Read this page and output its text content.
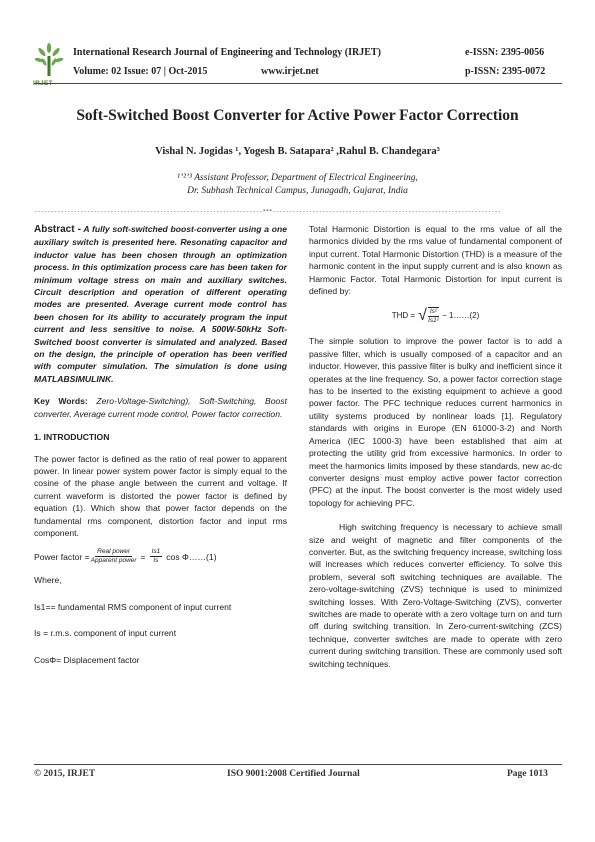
IRJET
International Research Journal of Engineering and Technology (IRJET)
Volume: 02 Issue: 07 | Oct-2015	www.irjet.net
e-ISSN: 2395-0056
p-ISSN: 2395-0072
Soft-Switched Boost Converter for Active Power Factor Correction
Vishal N. Jogidas ¹, Yogesh B. Satapara² ,Rahul B. Chandegara³
¹ʼ²ʼ³ Assistant Professor, Department of Electrical Engineering,
Dr. Subhash Technical Campus, Junagadh, Gujarat, India
---------------------------------------------------------------------***---------------------------------------------------------------------

Abstract - A fully soft-switched boost-converter using a one auxiliary switch is presented here. Resonating capacitor and inductor value has been chosen through an optimization process. In this optimization process care has been taken for minimum voltage stress on main and auxiliary switches. Circuit description and operation of different operating modes are presented. Average current mode control has been chosen for its ability to accurately program the input current and less sensitive to noise. A 500W-50kHz Soft-Switched boost converter is simulated and analyzed. Based on the design, the principle of operation has been verified with computer simulation. The simulation is done using MATLABSIMULINK.

Key Words: Zero-Voltage-Switching), Soft-Switching, Boost converter, Average current mode control, Power factor correction.

1. INTRODUCTION

The power factor is defined as the ratio of real power to apparent power. In linear power system power factor is simply equal to the cosine of the phase angle between the current and voltage. If current waveform is distorted the power factor is defined by equation (1). Which show that power factor depends on the fundamental rms component, distortion factor and input rms component.

Power factor = $\frac{\text{Real power}}{\text{Apparent power}} = \frac{Is1}{Is}$ cos Φ……(1)

Where,

Is1== fundamental RMS component of input current

Is = r.m.s. component of input current

CosΦ= Displacement factor

Total Harmonic Distortion is equal to the rms value of all the harmonics divided by the rms value of fundamental component of input current. Total Harmonic Distortion (THD) is a measure of the harmonic content in the input supply current and is also known as Harmonic Factor. Total Harmonic Distortion for input current is defined by:

THD = √ $\frac{\text{Is²}}{\text{Is1²}}$ − 1……(2)

The simple solution to improve the power factor is to add a passive filter, which is usually composed of a capacitor and an inductor. However, this passive filter is bulky and inefficient since it operates at the line frequency. So, a power factor correction stage has to be inserted to the existing equipment to achieve a good power factor. The PFC technique reduces current harmonics in utility systems produced by nonlinear loads [1]. Regulatory standards with origins in Europe (EN 61000-3-2) and North America (IEC 1000-3) have been established that aim at protecting the utility grid from excessive harmonics. In order to meet the harmonics limits imposed by these standards, new ac-dc converter designs must employ active power factor correction (PFC) at the input. The boost converter is the most widely used topology for achieving PFC.

High switching frequency is necessary to achieve small size and weight of magnetic and filter components of the converter. But, as the switching frequency increase, switching loss will increases which reduces converter efficiency. To solve this problem, several soft switching techniques are available. The zero-voltage-switching (ZVS) technique is used to minimized switching losses. With Zero-Voltage-Switching (ZVS), converter switches are made to operate with a zero voltage turn on and turn off during switching transition. In Zero-current-switching (ZCS) technique, converter switches are made to operate with zero current during switching transition. These are commonly used soft switching techniques.

© 2015, IRJET	ISO 9001:2008 Certified Journal	Page 1013
